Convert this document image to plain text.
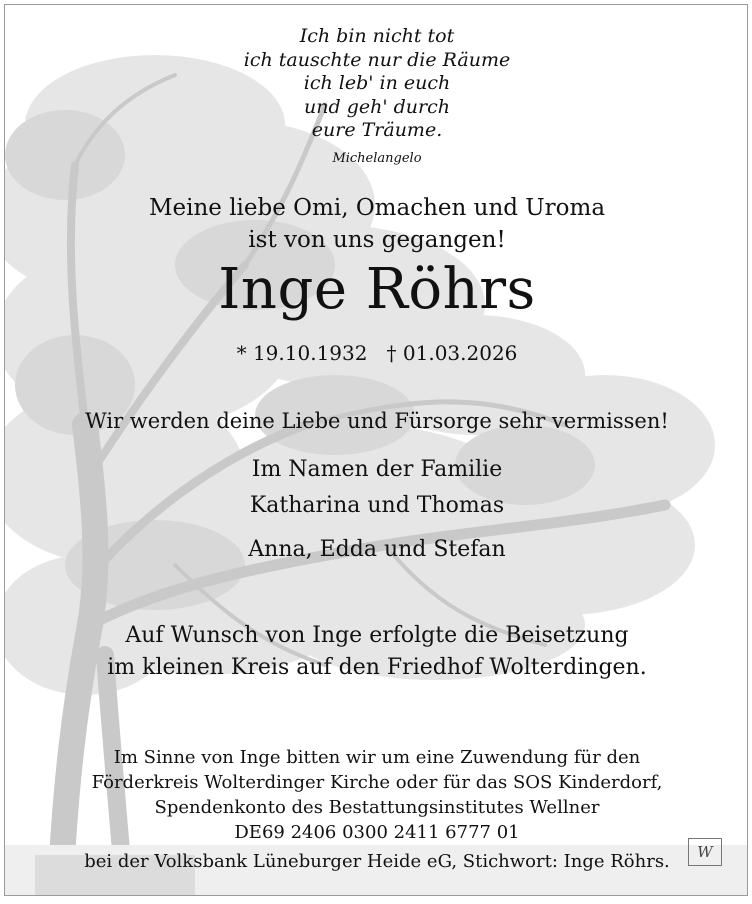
Ich bin nicht tot
ich tauschte nur die Räume
ich leb' in euch
und geh' durch
eure Träume.
Michelangelo
Meine liebe Omi, Omachen und Uroma
ist von uns gegangen!
Inge Röhrs
* 19.10.1932   † 01.03.2026
Wir werden deine Liebe und Fürsorge sehr vermissen!
Im Namen der Familie
Katharina und Thomas
Anna, Edda und Stefan
Auf Wunsch von Inge erfolgte die Beisetzung
im kleinen Kreis auf den Friedhof Wolterdingen.
Im Sinne von Inge bitten wir um eine Zuwendung für den
Förderkreis Wolterdinger Kirche oder für das SOS Kinderdorf,
Spendenkonto des Bestattungsinstitutes Wellner
DE69 2406 0300 2411 6777 01
bei der Volksbank Lüneburger Heide eG, Stichwort: Inge Röhrs.	W
